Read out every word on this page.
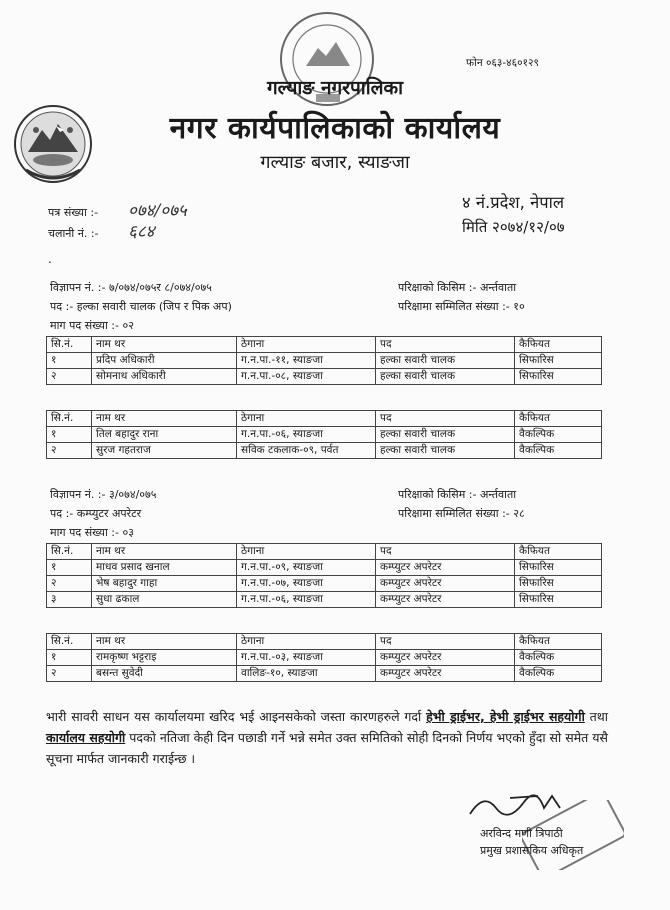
फोन ०६३-४६०१२९
गल्याङ नगरपालिका
नगर कार्यपालिकाको कार्यालय
गल्याङ बजार, स्याङजा
पत्र संख्या :- ०७४/०७५
चलानी नं. :- ६८४
४ नं.प्रदेश, नेपाल
मिति २०७४/१२/०७
.
विज्ञापन नं. :- ७/०७४/०७५र ८/०७४/०७५
पद :- हल्का सवारी चालक (जिप र पिक अप)
माग पद संख्या :- ०२
परिक्षाको किसिम :- अर्न्तवाता
परिक्षामा सम्मिलित संख्या :- १०
सि.नं.	नाम थर	ठेगाना	पद	कैफियत
१	प्रदिप अधिकारी	ग.न.पा.-११, स्याङजा	हल्का सवारी चालक	सिफारिस
२	सोमनाथ अधिकारी	ग.न.पा.-०८, स्याङजा	हल्का सवारी चालक	सिफारिस
सि.नं.	नाम थर	ठेगाना	पद	कैफियत
१	तिल बहादुर राना	ग.न.पा.-०६, स्याङजा	हल्का सवारी चालक	वैकल्पिक
२	सुरज गहतराज	सविक टकलाक-०९, पर्वत	हल्का सवारी चालक	वैकल्पिक
विज्ञापन नं. :- ३/०७४/०७५
पद :- कम्प्युटर अपरेटर
माग पद संख्या :- ०३
परिक्षाको किसिम :- अर्न्तवाता
परिक्षामा सम्मिलित संख्या :- २८
सि.नं.	नाम थर	ठेगाना	पद	कैफियत
१	माधव प्रसाद खनाल	ग.न.पा.-०९, स्याङजा	कम्प्युटर अपरेटर	सिफारिस
२	भेष बहादुर गाहा	ग.न.पा.-०७, स्याङजा	कम्प्युटर अपरेटर	सिफारिस
३	सुधा ढकाल	ग.न.पा.-०६, स्याङजा	कम्प्युटर अपरेटर	सिफारिस
सि.नं.	नाम थर	ठेगाना	पद	कैफियत
१	रामकृष्ण भट्टराइ	ग.न.पा.-०३, स्याङजा	कम्प्युटर अपरेटर	वैकल्पिक
२	बसन्त सुवेदी	वालिङ-१०, स्याङजा	कम्प्युटर अपरेटर	वैकल्पिक
भारी सावरी साधन यस कार्यालयमा खरिद भई आइनसकेको जस्ता कारणहरुले गर्दा हेभी ड्राईभर, हेभी ड्राईभर सहयोगी तथा कार्यालय सहयोगी पदको नतिजा केही दिन पछाडी गर्ने भन्ने समेत उक्त समितिको सोही दिनको निर्णय भएको हुँदा सो समेत यसै सूचना मार्फत जानकारी गराईन्छ ।
अरविन्द मणी त्रिपाठी
प्रमुख प्रशासकिय अधिकृत
